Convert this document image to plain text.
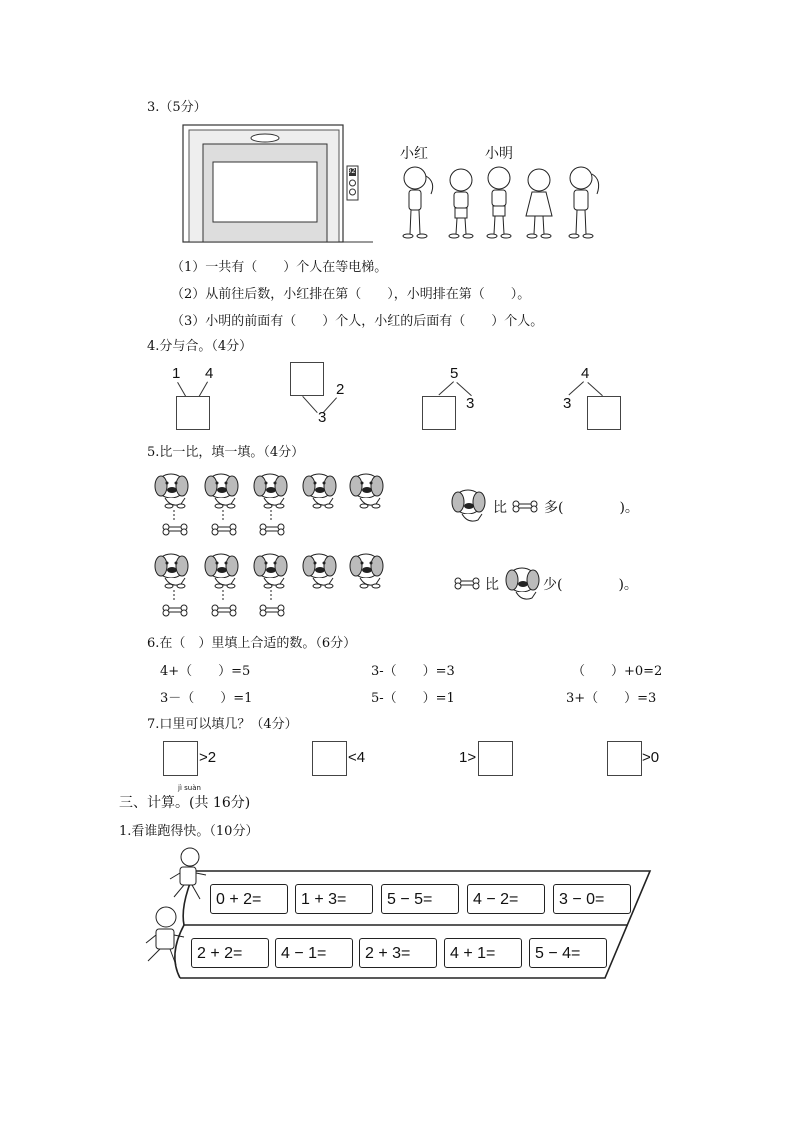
3.（5分）
02
小红	小明
（1）一共有（　　）个人在等电梯。
（2）从前往后数，小红排在第（　　），小明排在第（　　）。
（3）小明的前面有（　　）个人，小红的后面有（　　）个人。
4.分与合。（4分）
1 4
2
3
5
3
4
3
5.比一比，填一填。（4分）
比	多(　　　　)。
比	少(　　　　)。
6.在（　）里填上合适的数。（6分）
4+（　　）=5	3-（　　）=3	（　　）+0=2
3－（　　）=1	5-（　　）=1	3+（　　）=3
7.口里可以填几？（4分）
>2	<4	1>	>0
jì suàn
三、计算。(共 16分)
1.看谁跑得快。（10分）
0 + 2=	1 + 3=	5 − 5=	4 − 2=	3 − 0=
2 + 2=	4 − 1=	2 + 3=	4 + 1=	5 − 4=
